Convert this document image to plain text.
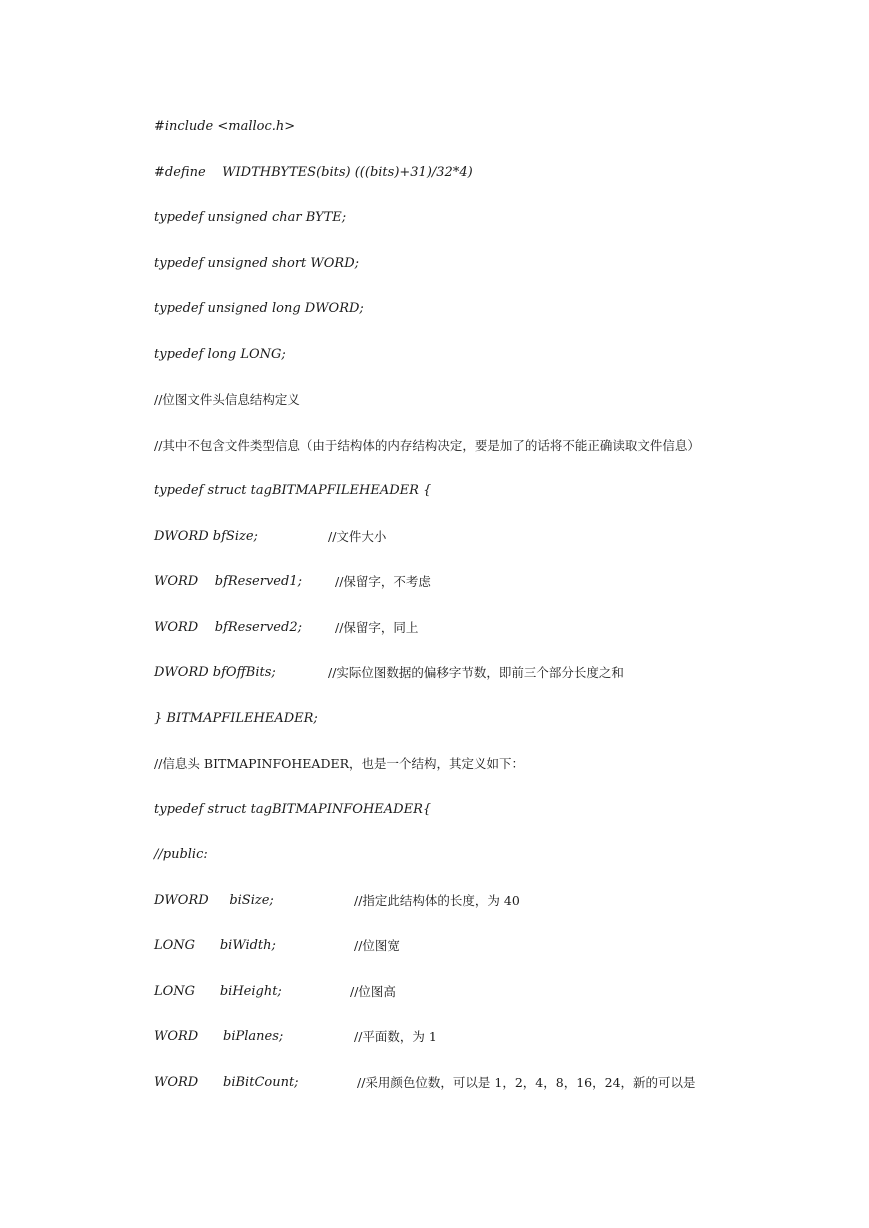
#include <malloc.h>
#define    WIDTHBYTES(bits) (((bits)+31)/32*4)
typedef unsigned char BYTE;
typedef unsigned short WORD;
typedef unsigned long DWORD;
typedef long LONG;
//位图文件头信息结构定义
//其中不包含文件类型信息（由于结构体的内存结构决定，要是加了的话将不能正确读取文件信息）
typedef struct tagBITMAPFILEHEADER {
DWORD bfSize;	//文件大小
WORD    bfReserved1;	//保留字，不考虑
WORD    bfReserved2;	//保留字，同上
DWORD bfOffBits;	//实际位图数据的偏移字节数，即前三个部分长度之和
} BITMAPFILEHEADER;
//信息头 BITMAPINFOHEADER，也是一个结构，其定义如下：
typedef struct tagBITMAPINFOHEADER{
//public:
DWORD     biSize;	//指定此结构体的长度，为 40
LONG      biWidth;	//位图宽
LONG      biHeight;	//位图高
WORD      biPlanes;	//平面数，为 1
WORD      biBitCount;	//采用颜色位数，可以是 1，2，4，8，16，24，新的可以是
